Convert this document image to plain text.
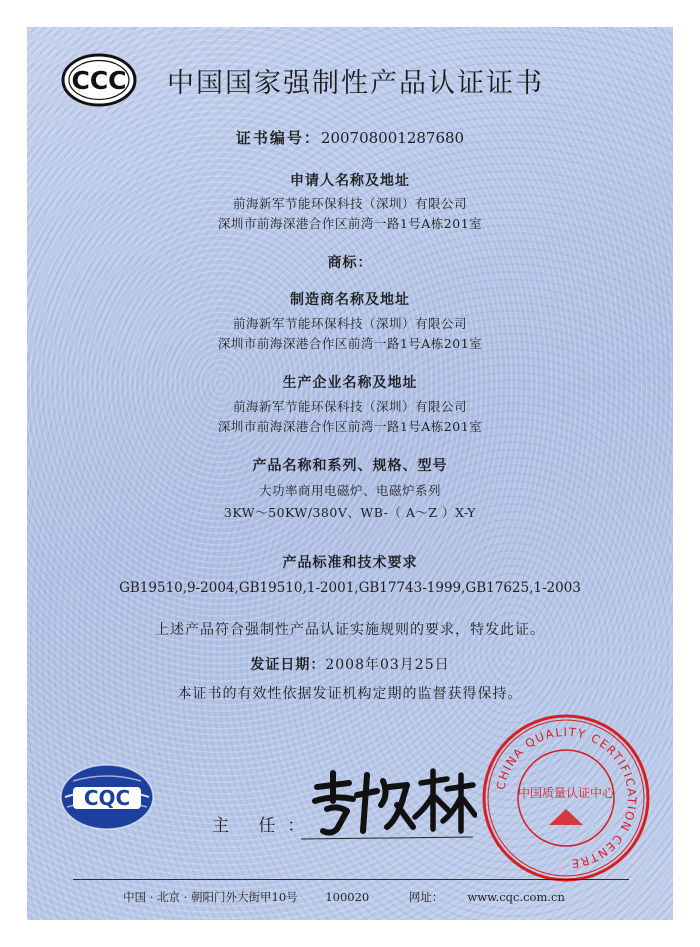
CCC 中国国家强制性产品认证证书
证书编号：2007080012876​80
申请人名称及地址
前海新军节能环保科技（深圳）有限公司
深圳市前海深港合作区前湾一路1号A栋201室
商标：
制造商名称及地址
前海新军节能环保科技（深圳）有限公司
深圳市前海深港合作区前湾一路1号A栋201室
生产企业名称及地址
前海新军节能环保科技（深圳）有限公司
深圳市前海深港合作区前湾一路1号A栋201室
产品名称和系列、规格、型号
大功率商用电磁炉、电磁炉系列
3KW～50KW/380V、WB-（ A～Z ）X-Y
产品标准和技术要求
GB19510,9-2004,GB19510,1-2001,GB17743-1999,GB17625,1-2003
上述产品符合强制性产品认证实施规则的要求，特发此证。
发证日期：2008年03月25日
本证书的有效性依据发证机构定期的监督获得保持。
CQC
主 任：
CHINA QUALITY CERTIFICATION CENTRE
中国质量认证中心
中国 · 北京 · 朝阳门外大街甲10号 100020	网址： www.cqc.com.cn
